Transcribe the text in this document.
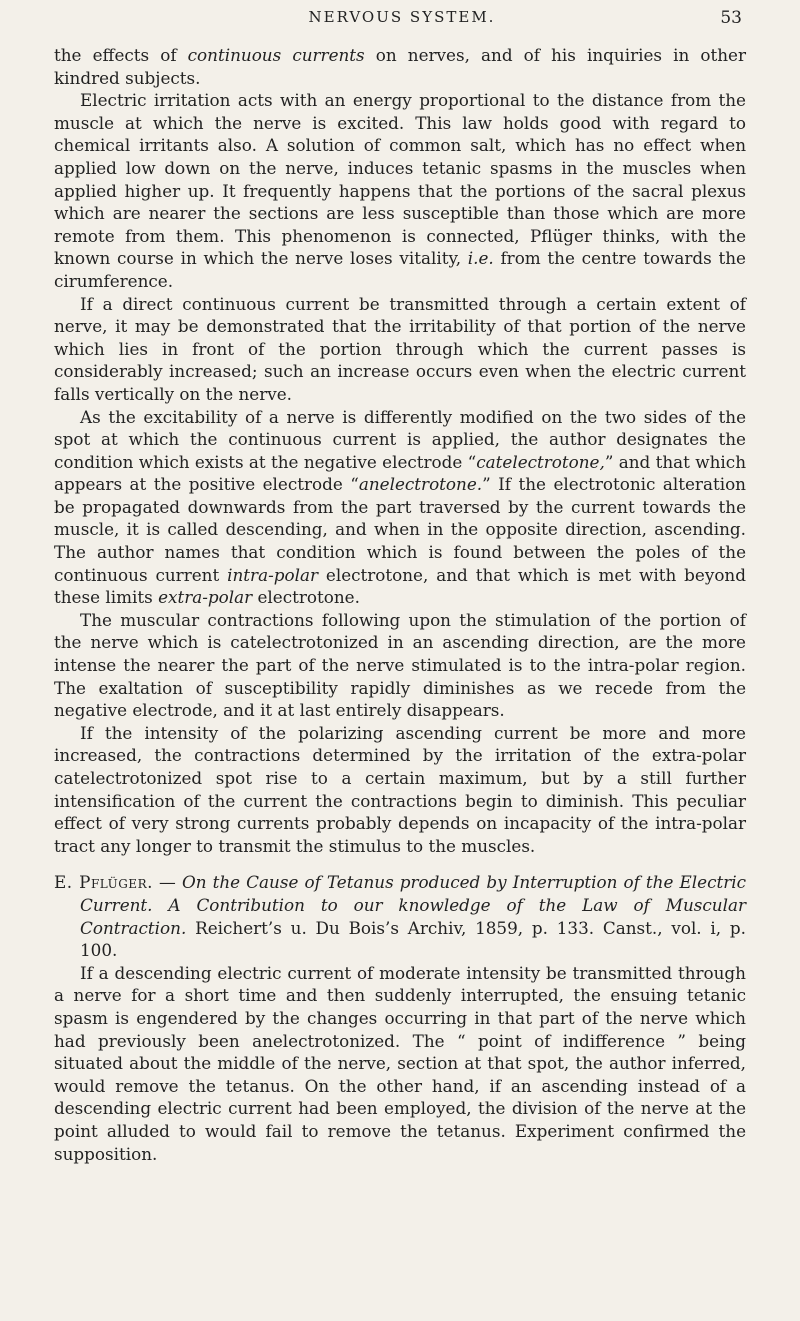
NERVOUS SYSTEM.	53

the effects of continuous currents on nerves, and of his inquiries in other kindred subjects.

Electric irritation acts with an energy proportional to the distance from the muscle at which the nerve is excited. This law holds good with regard to chemical irritants also. A solution of common salt, which has no effect when applied low down on the nerve, induces tetanic spasms in the muscles when applied higher up. It frequently happens that the portions of the sacral plexus which are nearer the sections are less susceptible than those which are more remote from them. This phenomenon is connected, Pflüger thinks, with the known course in which the nerve loses vitality, i.e. from the centre towards the cirumference.

If a direct continuous current be transmitted through a certain extent of nerve, it may be demonstrated that the irritability of that portion of the nerve which lies in front of the portion through which the current passes is considerably increased; such an increase occurs even when the electric current falls vertically on the nerve.

As the excitability of a nerve is differently modified on the two sides of the spot at which the continuous current is applied, the author designates the condition which exists at the negative electrode “catelectrotone,” and that which appears at the positive electrode “anelectrotone.” If the electrotonic alteration be propagated downwards from the part traversed by the current towards the muscle, it is called descending, and when in the opposite direction, ascending. The author names that condition which is found between the poles of the continuous current intra-polar electrotone, and that which is met with beyond these limits extra-polar electrotone.

The muscular contractions following upon the stimulation of the portion of the nerve which is catelectrotonized in an ascending direction, are the more intense the nearer the part of the nerve stimulated is to the intra-polar region. The exaltation of susceptibility rapidly diminishes as we recede from the negative electrode, and it at last entirely disappears.

If the intensity of the polarizing ascending current be more and more increased, the contractions determined by the irritation of the extra-polar catelectrotonized spot rise to a certain maximum, but by a still further intensification of the current the contractions begin to diminish. This peculiar effect of very strong currents probably depends on incapacity of the intra-polar tract any longer to transmit the stimulus to the muscles.

E. Pflüger. — On the Cause of Tetanus produced by Interruption of the Electric Current. A Contribution to our knowledge of the Law of Muscular Contraction. Reichert’s u. Du Bois’s Archiv, 1859, p. 133. Canst., vol. i, p. 100.

If a descending electric current of moderate intensity be transmitted through a nerve for a short time and then suddenly interrupted, the ensuing tetanic spasm is engendered by the changes occurring in that part of the nerve which had previously been anelectrotonized. The “ point of indifference ” being situated about the middle of the nerve, section at that spot, the author inferred, would remove the tetanus. On the other hand, if an ascending instead of a descending electric current had been employed, the division of the nerve at the point alluded to would fail to remove the tetanus. Experiment confirmed the supposition.
